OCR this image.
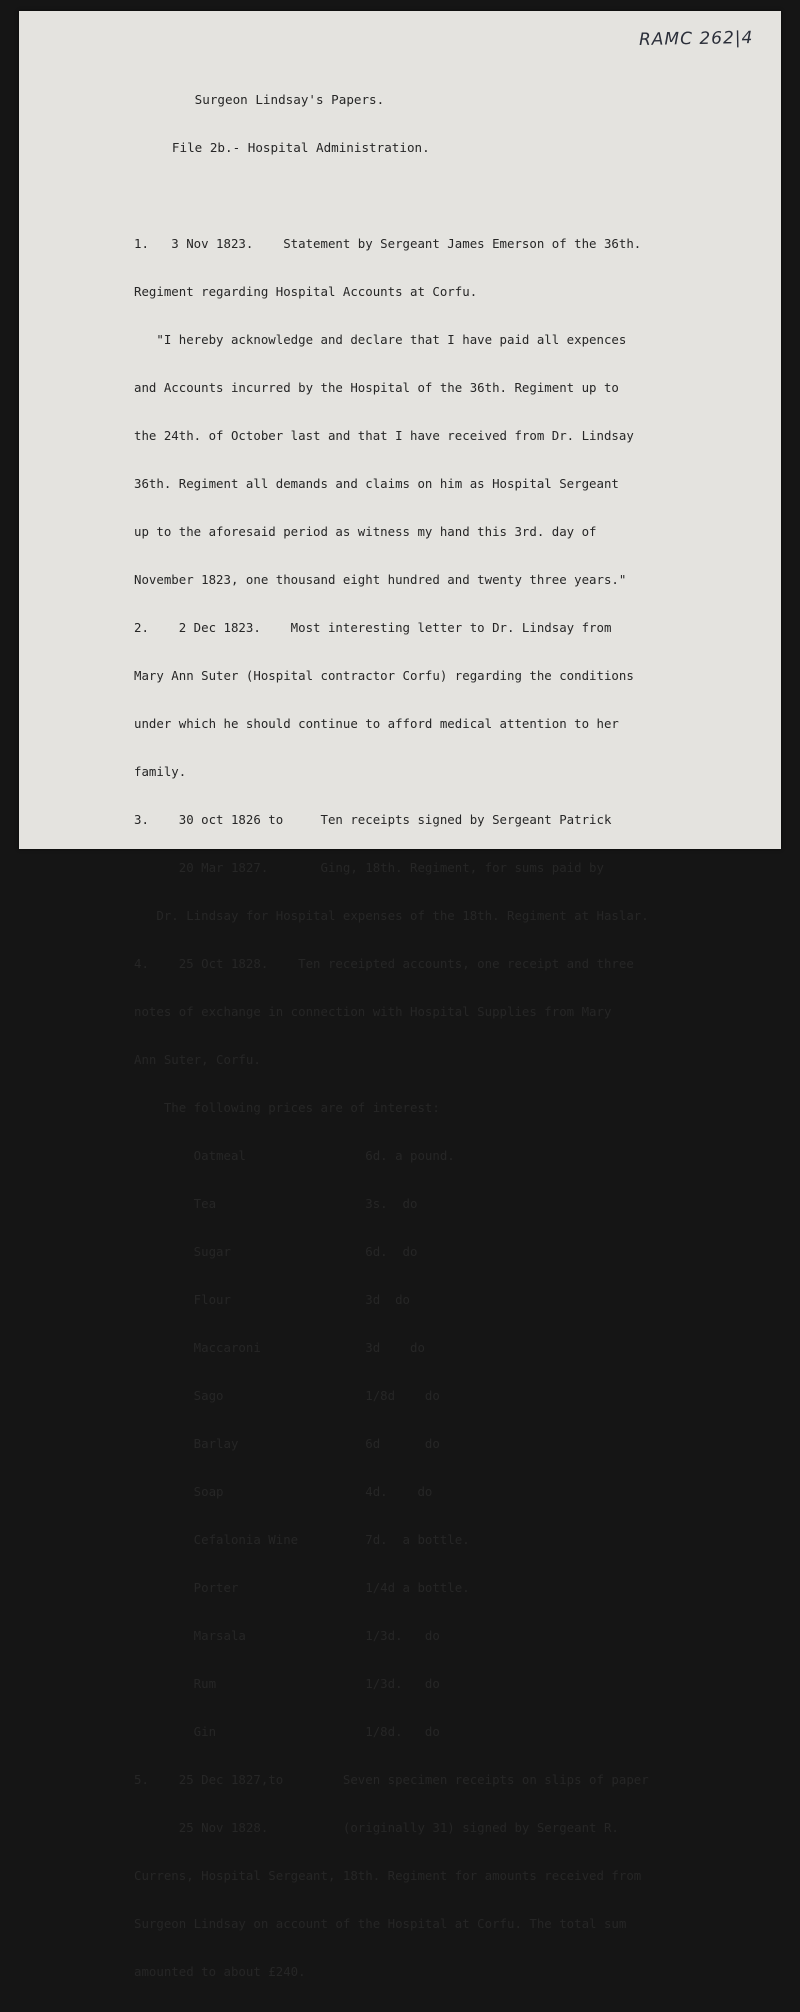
RAMC 262|4

Surgeon Lindsay's Papers.

File 2b.- Hospital Administration.

1.   3 Nov 1823.    Statement by Sergeant James Emerson of the 36th.

Regiment regarding Hospital Accounts at Corfu.

"I hereby acknowledge and declare that I have paid all expences

and Accounts incurred by the Hospital of the 36th. Regiment up to

the 24th. of October last and that I have received from Dr. Lindsay

36th. Regiment all demands and claims on him as Hospital Sergeant

up to the aforesaid period as witness my hand this 3rd. day of

November 1823, one thousand eight hundred and twenty three years."

2.    2 Dec 1823.    Most interesting letter to Dr. Lindsay from

Mary Ann Suter (Hospital contractor Corfu) regarding the conditions

under which he should continue to afford medical attention to her

family.

3.    30 oct 1826 to     Ten receipts signed by Sergeant Patrick

20 Mar 1827.       Ging, 18th. Regiment, for sums paid by

Dr. Lindsay for Hospital expenses of the 18th. Regiment at Haslar.

4.    25 Oct 1828.    Ten receipted accounts, one receipt and three

notes of exchange in connection with Hospital Supplies from Mary

Ann Suter, Corfu.

The following prices are of interest:

Oatmeal                6d. a pound.

Tea                    3s.  do

Sugar                  6d.  do

Flour                  3d  do

Maccaroni              3d    do

Sago                   1/8d    do

Barlay                 6d      do

Soap                   4d.    do

Cefalonia Wine         7d.  a bottle.

Porter                 1/4d a bottle.

Marsala                1/3d.   do

Rum                    1/3d.   do

Gin                    1/8d.   do

5.    25 Dec 1827,to        Seven specimen receipts on slips of paper

25 Nov 1828.          (originally 31) signed by Sergeant R.

Currens, Hospital Sergeant, 18th. Regiment for amounts received from

Surgeon Lindsay on account of the Hospital at Corfu. The total sum

amounted to about £240.
